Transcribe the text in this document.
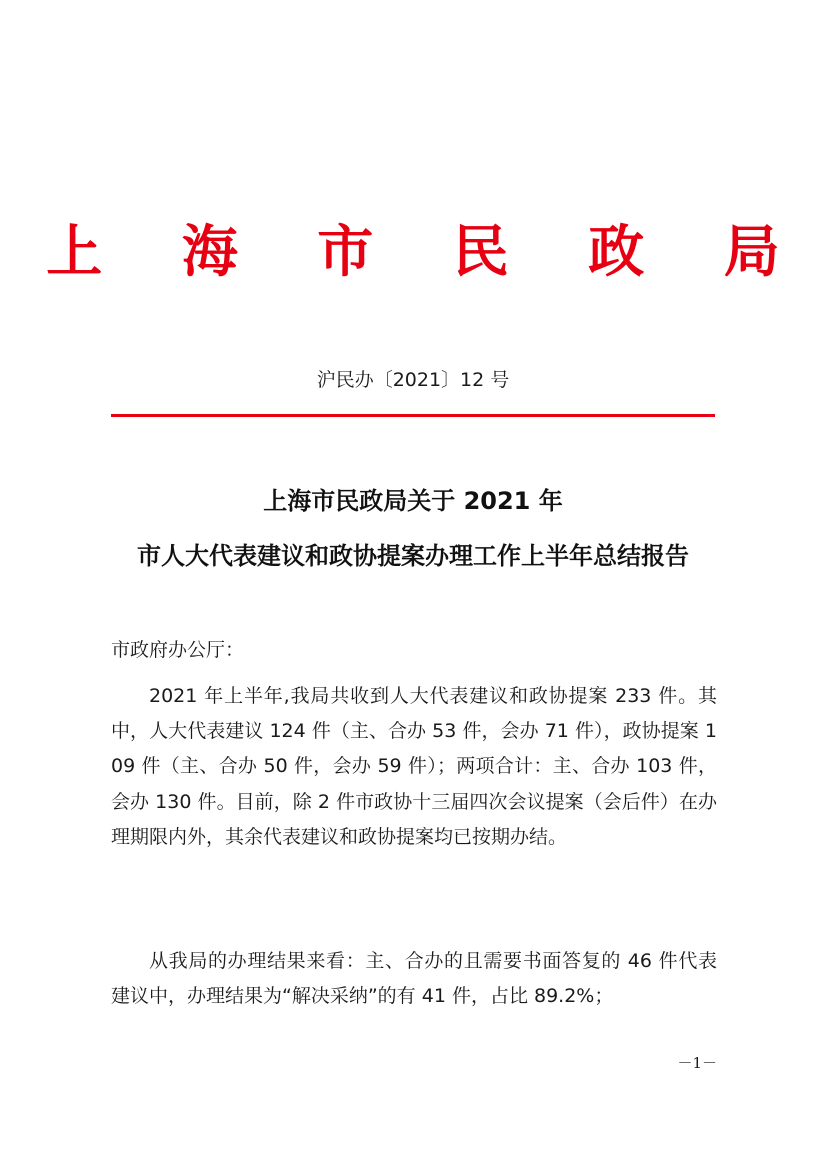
上 海 市 民 政 局
沪民办〔2021〕12 号
上海市民政局关于 2021 年
市人大代表建议和政协提案办理工作上半年总结报告
市政府办公厅：

2021 年上半年,我局共收到人大代表建议和政协提案 233 件。其中，人大代表建议 124 件（主、合办 53 件，会办 71 件），政协提案 109 件（主、合办 50 件，会办 59 件）；两项合计：主、合办 103 件，会办 130 件。目前，除 2 件市政协十三届四次会议提案（会后件）在办理期限内外，其余代表建议和政协提案均已按期办结。

从我局的办理结果来看：主、合办的且需要书面答复的 46 件代表建议中，办理结果为“解决采纳”的有 41 件，占比 89.2%；

－1－
